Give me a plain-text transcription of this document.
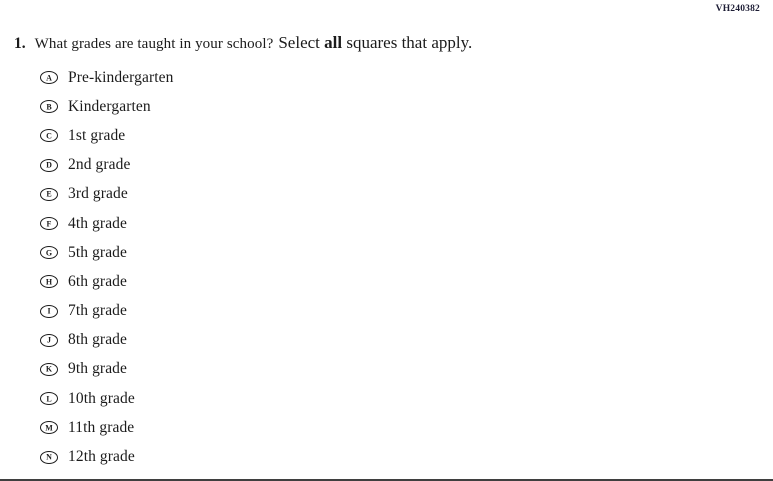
VH240382
1. What grades are taught in your school? Select all squares that apply.
A Pre-kindergarten
B Kindergarten
C 1st grade
D 2nd grade
E 3rd grade
F 4th grade
G 5th grade
H 6th grade
I 7th grade
J 8th grade
K 9th grade
L 10th grade
M 11th grade
N 12th grade
